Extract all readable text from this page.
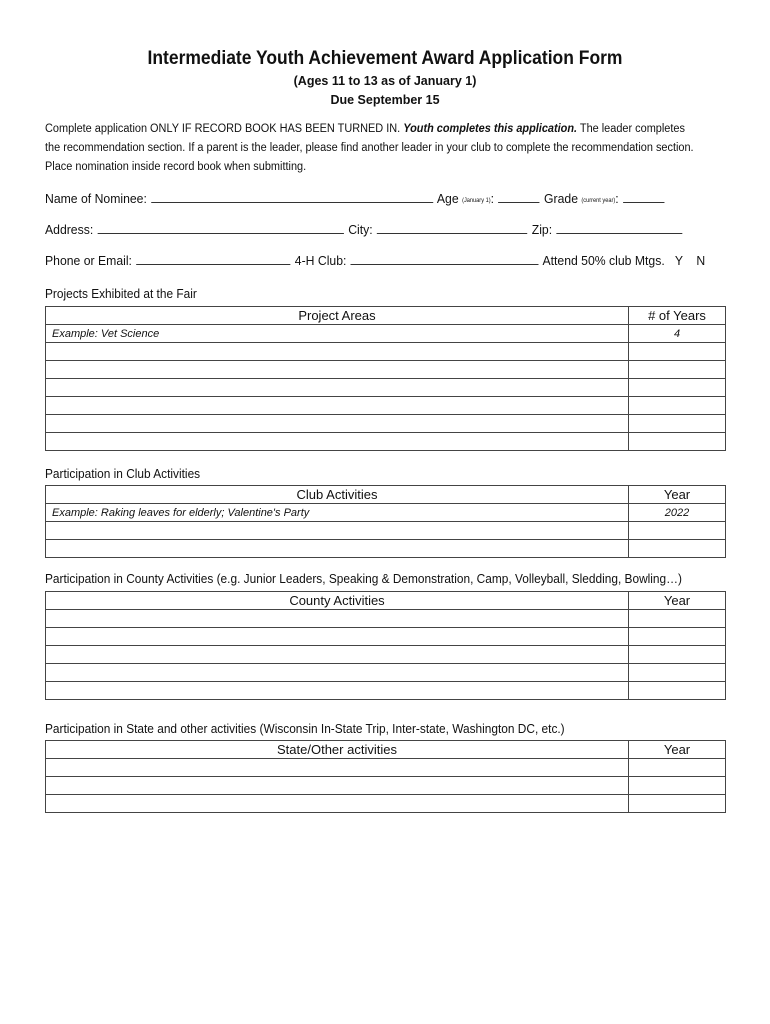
Intermediate Youth Achievement Award Application Form
(Ages 11 to 13 as of January 1)
Due September 15
Complete application ONLY IF RECORD BOOK HAS BEEN TURNED IN. Youth completes this application. The leader completes
the recommendation section. If a parent is the leader, please find another leader in your club to complete the recommendation section.
Place nomination inside record book when submitting.
Name of Nominee:	Age (January 1):	Grade (current year):
Address:	City:	Zip:
Phone or Email:	4-H Club:	Attend 50% club Mtgs. Y N
Projects Exhibited at the Fair
Project Areas	# of Years
Example: Vet Science	4

Participation in Club Activities
Club Activities	Year
Example: Raking leaves for elderly; Valentine's Party	2022

Participation in County Activities (e.g. Junior Leaders, Speaking & Demonstration, Camp, Volleyball, Sledding, Bowling…)
County Activities	Year

Participation in State and other activities (Wisconsin In-State Trip, Inter-state, Washington DC, etc.)
State/Other activities	Year
